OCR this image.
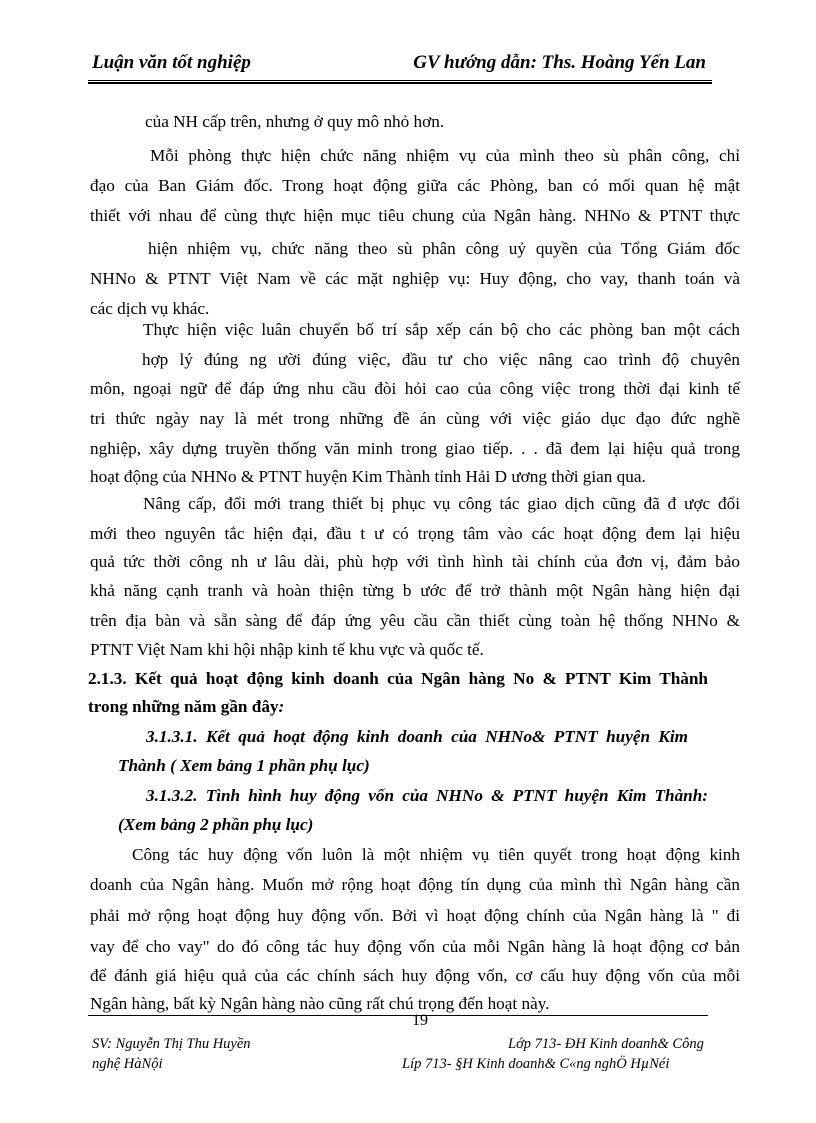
Luận văn tốt nghiệp	GV hướng dẫn: Ths. Hoàng Yến Lan
của NH cấp trên, nhưng ở quy mô nhỏ hơn.
Mỗi phòng thực hiện chức năng nhiệm vụ của mình theo sù phân công, chỉ
đạo của Ban Giám đốc. Trong hoạt động giữa các Phòng, ban có mối quan hệ mật
thiết với nhau để cùng thực hiện mục tiêu chung của Ngân hàng. NHNo & PTNT thực
hiện nhiệm vụ, chức năng theo sù phân công uỷ quyền của Tổng Giám đốc
NHNo & PTNT Việt Nam về các mặt nghiệp vụ: Huy động, cho vay, thanh toán và
các dịch vụ khác.
Thực hiện việc luân chuyển bố trí sắp xếp cán bộ cho các phòng ban một cách
hợp lý đúng ng ười đúng việc, đầu tư cho việc nâng cao trình độ chuyên
môn, ngoại ngữ để đáp ứng nhu cầu đòi hỏi cao của công việc trong thời đại kinh tế
tri thức ngày nay là mét trong những đề án cùng với việc giáo dục đạo đức nghề
nghiệp, xây dựng truyền thống văn minh trong giao tiếp. . . đã đem lại hiệu quả trong
hoạt động của NHNo & PTNT huyện Kim Thành tỉnh Hải D ương thời gian qua.
Nâng cấp, đổi mới trang thiết bị phục vụ công tác giao dịch cũng đã đ ược đổi
mới theo nguyên tắc hiện đại, đầu t ư có trọng tâm vào các hoạt động đem lại hiệu
quả tức thời công nh ư lâu dài, phù hợp với tình hình tài chính của đơn vị, đảm bảo
khả năng cạnh tranh và hoàn thiện từng b ước để trở thành một Ngân hàng hiện đại
trên địa bàn và sẵn sàng để đáp ứng yêu cầu cần thiết cùng toàn hệ thống NHNo &
PTNT Việt Nam khi hội nhập kinh tế khu vực và quốc tế.
2.1.3. Kết quả hoạt động kinh doanh của Ngân hàng No & PTNT Kim Thành
trong những năm gần đây:
3.1.3.1. Kết quả hoạt động kinh doanh của NHNo& PTNT huyện Kim
Thành ( Xem bảng 1 phần phụ lục)
3.1.3.2. Tình hình huy động vốn của NHNo & PTNT huyện Kim Thành:
(Xem bảng 2 phần phụ lục)
Công tác huy động vốn luôn là một nhiệm vụ tiên quyết trong hoạt động kinh
doanh của Ngân hàng. Muốn mở rộng hoạt động tín dụng của mình thì Ngân hàng cần
phải mở rộng hoạt động huy động vốn. Bởi vì hoạt động chính của Ngân hàng là " đi
vay để cho vay" do đó công tác huy động vốn của mỗi Ngân hàng là hoạt động cơ bản
để đánh giá hiệu quả của các chính sách huy động vốn, cơ cấu huy động vốn của mỗi
Ngân hàng, bất kỳ Ngân hàng nào cũng rất chú trọng đến hoạt này.
19
SV: Nguyễn Thị Thu Huyền	Lớp 713- ĐH Kinh doanh& Công
nghệ HàNội	Líp 713- §H Kinh doanh& C«ng nghÖ HµNéi
